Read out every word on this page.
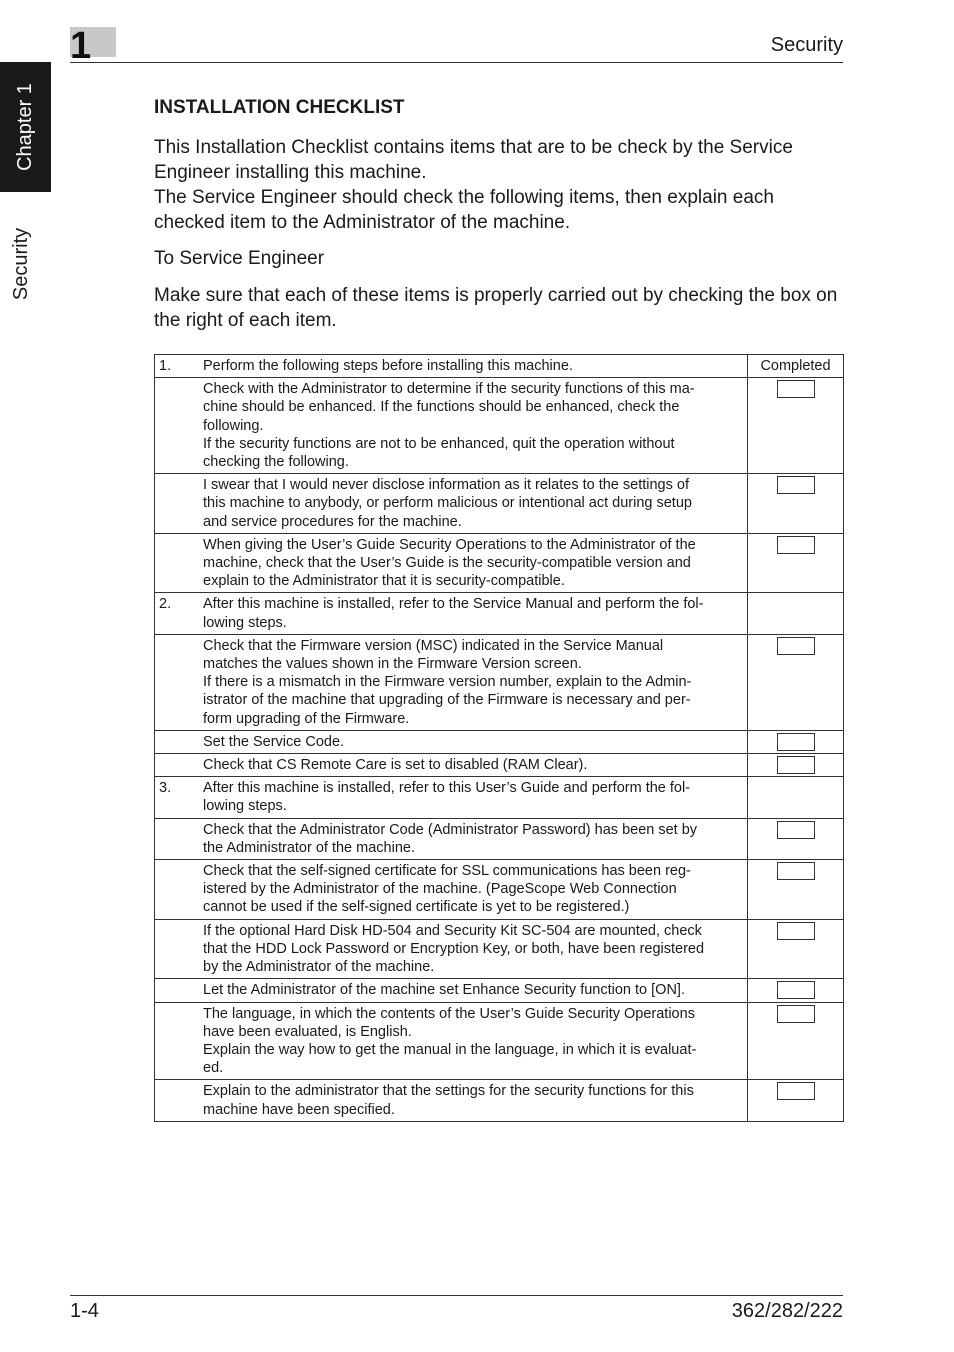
1	Security
Chapter 1
Security
INSTALLATION CHECKLIST

This Installation Checklist contains items that are to be check by the Service Engineer installing this machine.

The Service Engineer should check the following items, then explain each checked item to the Administrator of the machine.

To Service Engineer

Make sure that each of these items is properly carried out by checking the box on the right of each item.

1.	Perform the following steps before installing this machine.	Completed
	Check with the Administrator to determine if the security functions of this ma-
chine should be enhanced. If the functions should be enhanced, check the
following.
If the security functions are not to be enhanced, quit the operation without
checking the following.	
	I swear that I would never disclose information as it relates to the settings of
this machine to anybody, or perform malicious or intentional act during setup
and service procedures for the machine.	
	When giving the User’s Guide Security Operations to the Administrator of the
machine, check that the User’s Guide is the security-compatible version and
explain to the Administrator that it is security-compatible.	
2.	After this machine is installed, refer to the Service Manual and perform the fol-
lowing steps.	
	Check that the Firmware version (MSC) indicated in the Service Manual
matches the values shown in the Firmware Version screen.
If there is a mismatch in the Firmware version number, explain to the Admin-
istrator of the machine that upgrading of the Firmware is necessary and per-
form upgrading of the Firmware.	
	Set the Service Code.	
	Check that CS Remote Care is set to disabled (RAM Clear).	
3.	After this machine is installed, refer to this User’s Guide and perform the fol-
lowing steps.	
	Check that the Administrator Code (Administrator Password) has been set by
the Administrator of the machine.	
	Check that the self-signed certificate for SSL communications has been reg-
istered by the Administrator of the machine. (PageScope Web Connection
cannot be used if the self-signed certificate is yet to be registered.)	
	If the optional Hard Disk HD-504 and Security Kit SC-504 are mounted, check
that the HDD Lock Password or Encryption Key, or both, have been registered
by the Administrator of the machine.	
	Let the Administrator of the machine set Enhance Security function to [ON].	
	The language, in which the contents of the User’s Guide Security Operations
have been evaluated, is English.
Explain the way how to get the manual in the language, in which it is evaluat-
ed.	
	Explain to the administrator that the settings for the security functions for this
machine have been specified.	
1-4	362/282/222
